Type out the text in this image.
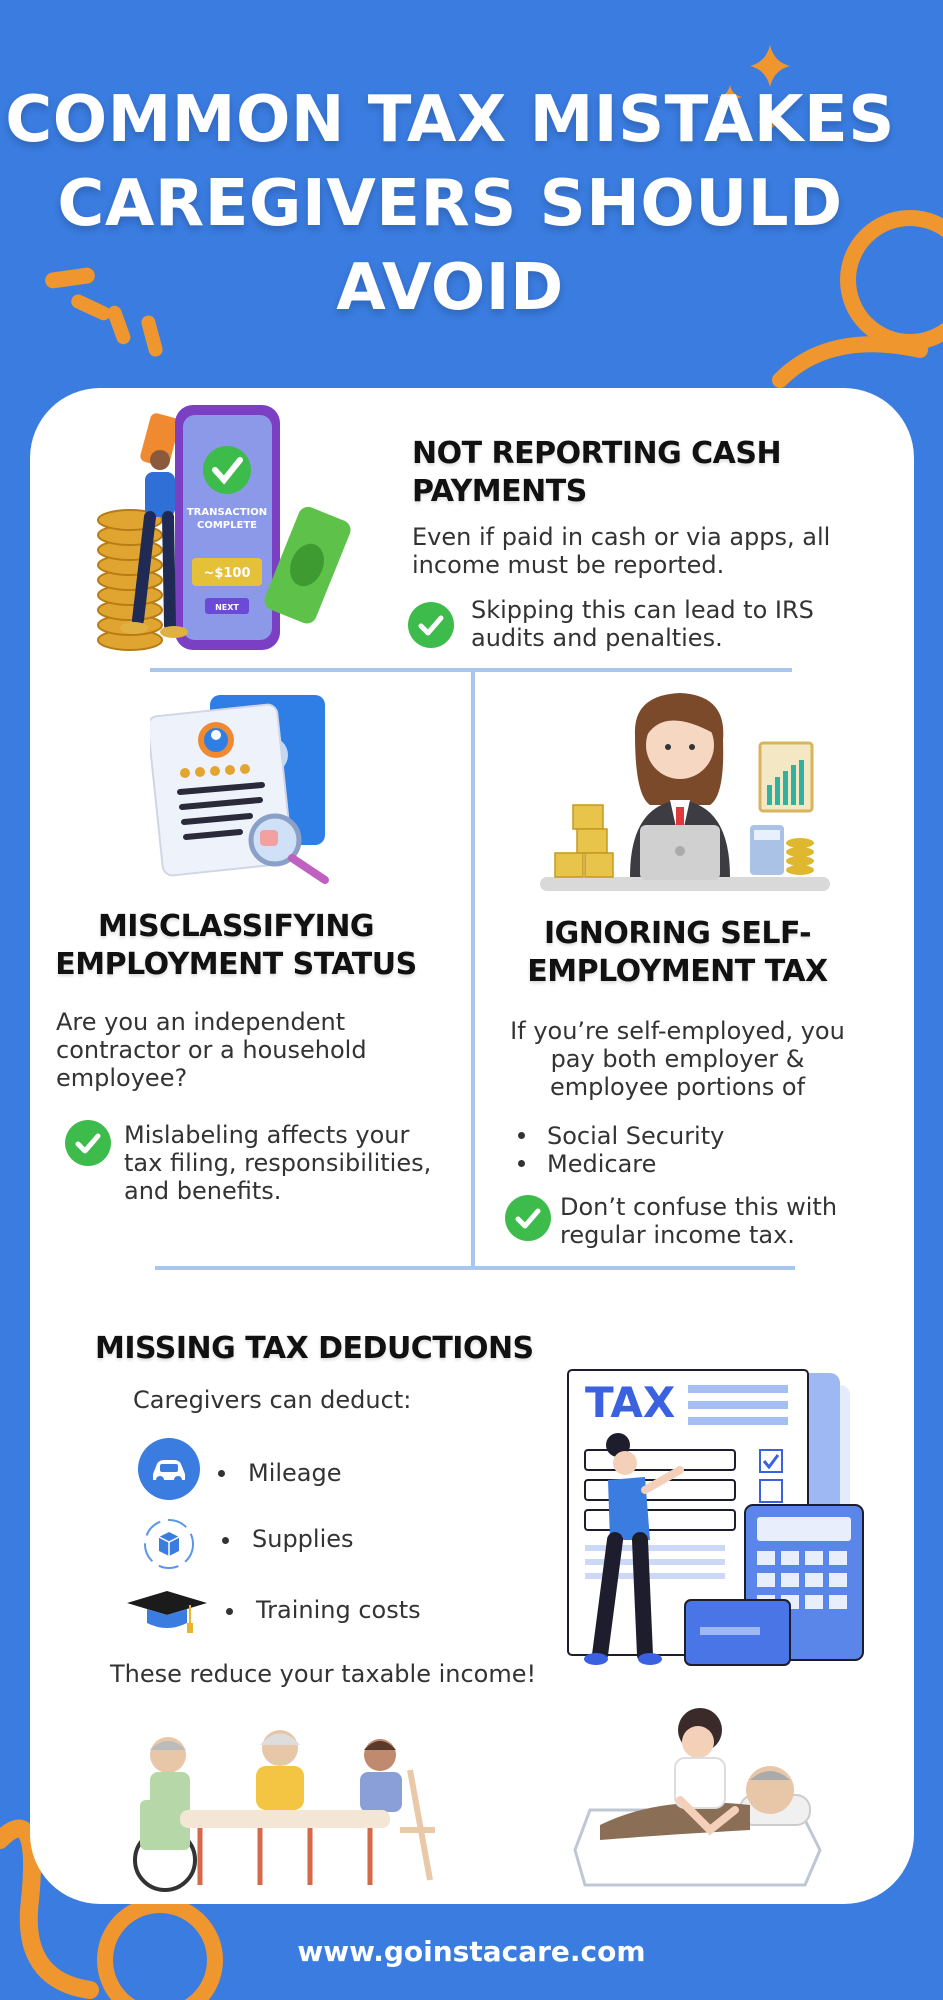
COMMON TAX MISTAKES CAREGIVERS SHOULD AVOID
TRANSACTION
COMPLETE
~$100
NEXT
NOT REPORTING CASH PAYMENTS
Even if paid in cash or via apps, all income must be reported.
Skipping this can lead to IRS audits and penalties.
MISCLASSIFYING EMPLOYMENT STATUS
Are you an independent contractor or a household employee?
Mislabeling affects your tax filing, responsibilities, and benefits.
IGNORING SELF-EMPLOYMENT TAX
If you’re self-employed, you pay both employer & employee portions of
Social Security
Medicare
Don’t confuse this with regular income tax.
MISSING TAX DEDUCTIONS
Caregivers can deduct:
Mileage
Supplies
Training costs
These reduce your taxable income!
TAX
www.goinstacare.com
